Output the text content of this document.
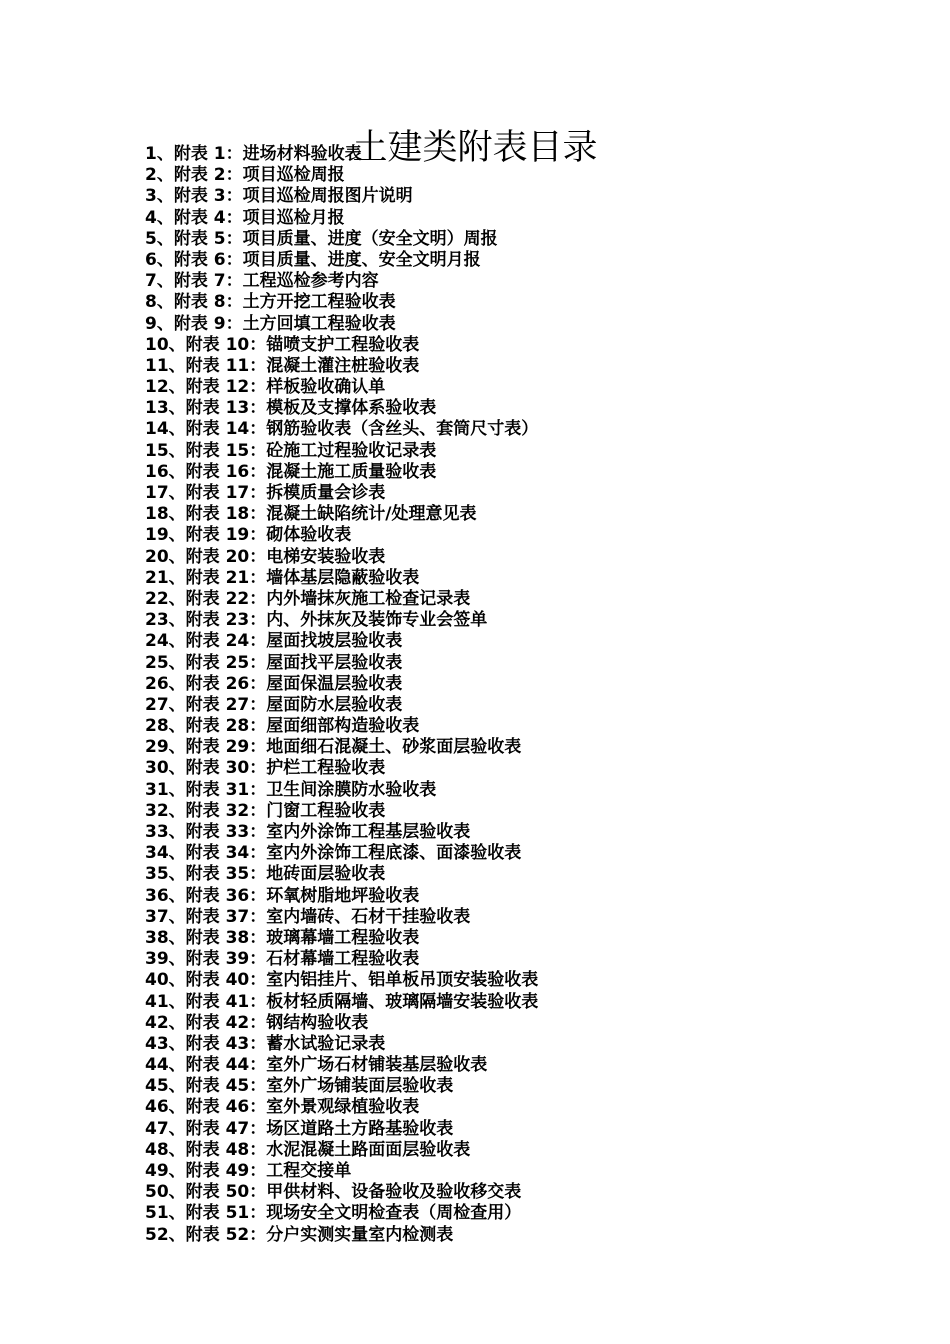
土建类附表目录
1、附表 1：进场材料验收表
2、附表 2：项目巡检周报
3、附表 3：项目巡检周报图片说明
4、附表 4：项目巡检月报
5、附表 5：项目质量、进度（安全文明）周报
6、附表 6：项目质量、进度、安全文明月报
7、附表 7：工程巡检参考内容
8、附表 8：土方开挖工程验收表
9、附表 9：土方回填工程验收表
10、附表 10：锚喷支护工程验收表
11、附表 11：混凝土灌注桩验收表
12、附表 12：样板验收确认单
13、附表 13：模板及支撑体系验收表
14、附表 14：钢筋验收表（含丝头、套筒尺寸表）
15、附表 15：砼施工过程验收记录表
16、附表 16：混凝土施工质量验收表
17、附表 17：拆模质量会诊表
18、附表 18：混凝土缺陷统计/处理意见表
19、附表 19：砌体验收表
20、附表 20：电梯安装验收表
21、附表 21：墙体基层隐蔽验收表
22、附表 22：内外墙抹灰施工检查记录表
23、附表 23：内、外抹灰及装饰专业会签单
24、附表 24：屋面找坡层验收表
25、附表 25：屋面找平层验收表
26、附表 26：屋面保温层验收表
27、附表 27：屋面防水层验收表
28、附表 28：屋面细部构造验收表
29、附表 29：地面细石混凝土、砂浆面层验收表
30、附表 30：护栏工程验收表
31、附表 31：卫生间涂膜防水验收表
32、附表 32：门窗工程验收表
33、附表 33：室内外涂饰工程基层验收表
34、附表 34：室内外涂饰工程底漆、面漆验收表
35、附表 35：地砖面层验收表
36、附表 36：环氧树脂地坪验收表
37、附表 37：室内墙砖、石材干挂验收表
38、附表 38：玻璃幕墙工程验收表
39、附表 39：石材幕墙工程验收表
40、附表 40：室内铝挂片、铝单板吊顶安装验收表
41、附表 41：板材轻质隔墙、玻璃隔墙安装验收表
42、附表 42：钢结构验收表
43、附表 43：蓄水试验记录表
44、附表 44：室外广场石材铺装基层验收表
45、附表 45：室外广场铺装面层验收表
46、附表 46：室外景观绿植验收表
47、附表 47：场区道路土方路基验收表
48、附表 48：水泥混凝土路面面层验收表
49、附表 49：工程交接单
50、附表 50：甲供材料、设备验收及验收移交表
51、附表 51：现场安全文明检查表（周检查用）
52、附表 52：分户实测实量室内检测表
